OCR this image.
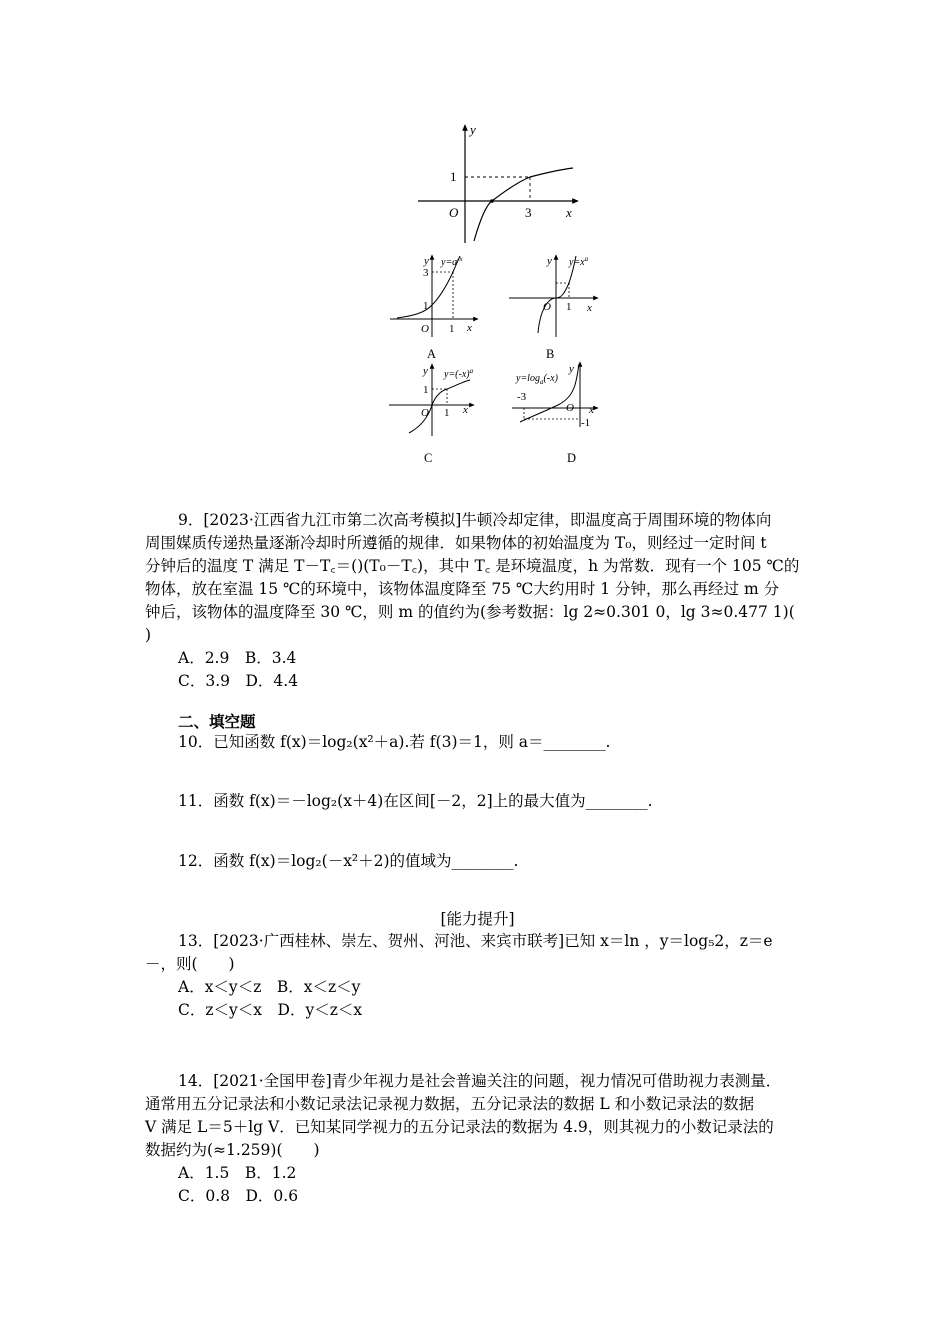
y
x
1
O	3
y $y=a^{-x}$
3
1
O 1 x
A
y $y=x^a$
O 1 x
B
y $y=(-x)^a$
1
O 1 x
C
y
$y=\log_a(-x)$
-3
O
-1
x
D

9．[2023·江西省九江市第二次高考模拟]牛顿冷却定律，即温度高于周围环境的物体向

周围媒质传递热量逐渐冷却时所遵循的规律．如果物体的初始温度为 T₀，则经过一定时间 t

分钟后的温度 T 满足 T－T꜀＝()(T₀－T꜀)，其中 T꜀ 是环境温度，h 为常数．现有一个 105 ℃的

物体，放在室温 15 ℃的环境中，该物体温度降至 75 ℃大约用时 1 分钟，那么再经过 m 分

钟后，该物体的温度降至 30 ℃，则 m 的值约为(参考数据：lg 2≈0.301 0，lg 3≈0.477 1)(

)

A．2.9　B．3.4

C．3.9　D．4.4

二、填空题

10．已知函数 f(x)＝log₂(x²＋a).若 f(3)＝1，则 a＝________.

11．函数 f(x)＝－log₂(x＋4)在区间[－2，2]上的最大值为________.

12．函数 f(x)＝log₂(－x²＋2)的值域为________.

[能力提升]

13．[2023·广西桂林、崇左、贺州、河池、来宾市联考]已知 x＝ln ，y＝log₅2，z＝e

－，则(　　)

A．x＜y＜z　B．x＜z＜y

C．z＜y＜x　D．y＜z＜x

14．[2021·全国甲卷]青少年视力是社会普遍关注的问题，视力情况可借助视力表测量．

通常用五分记录法和小数记录法记录视力数据，五分记录法的数据 L 和小数记录法的数据

V 满足 L＝5＋lg V．已知某同学视力的五分记录法的数据为 4.9，则其视力的小数记录法的

数据约为(≈1.259)(　　)

A．1.5　B．1.2

C．0.8　D．0.6
